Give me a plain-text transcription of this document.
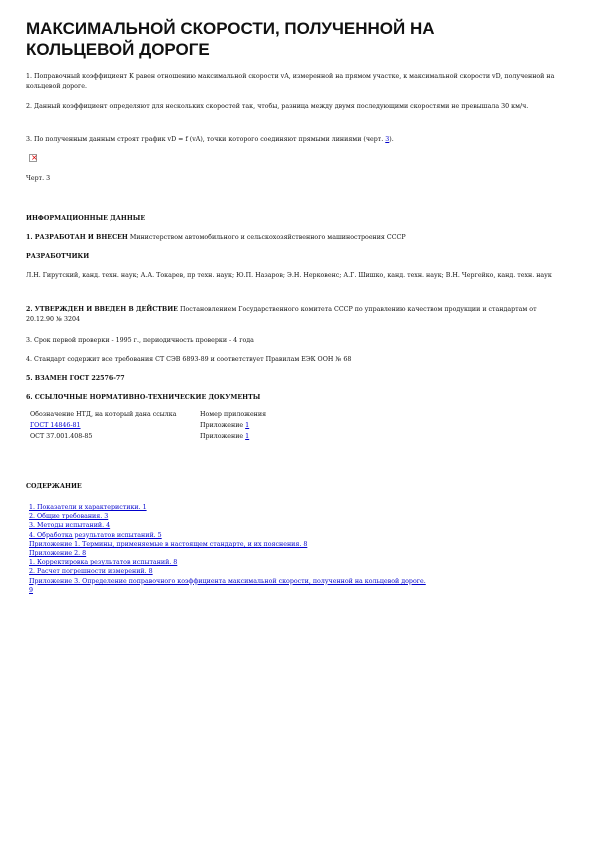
МАКСИМАЛЬНОЙ СКОРОСТИ, ПОЛУЧЕННОЙ НА КОЛЬЦЕВОЙ ДОРОГЕ

1. Поправочный коэффициент K равен отношению максимальной скорости vA, измеренной на прямом участке, к максимальной скорости vD, полученной на кольцевой дороге.

2. Данный коэффициент определяют для нескольких скоростей так, чтобы, разница между двумя последующими скоростями не превышала 30 км/ч.

3. По полученным данным строят график vD = f (vA), точки которого соединяют прямыми линиями (черт. 3).

×

Черт. 3

ИНФОРМАЦИОННЫЕ ДАННЫЕ

1. РАЗРАБОТАН И ВНЕСЕН Министерством автомобильного и сельскохозяйственного машиностроения СССР

РАЗРАБОТЧИКИ

Л.Н. Гирутский, канд. техн. наук; А.А. Токарев, пр техн. наук; Ю.П. Назаров; Э.Н. Нерковенс; А.Г. Шишко, канд. техн. наук; В.Н. Чергейко, канд. техн. наук

2. УТВЕРЖДЕН И ВВЕДЕН В ДЕЙСТВИЕ Постановлением Государственного комитета СССР по управлению качеством продукции и стандартам от 20.12.90 № 3204

3. Срок первой проверки - 1995 г., периодичность проверки - 4 года

4. Стандарт содержит все требования СТ СЭВ 6893-89 и соответствует Правилам ЕЭК ООН № 68

5. ВЗАМЕН ГОСТ 22576-77

6. ССЫЛОЧНЫЕ НОРМАТИВНО-ТЕХНИЧЕСКИЕ ДОКУМЕНТЫ

Обозначение НТД, на который дана ссылка	Номер приложения
ГОСТ 14846-81	Приложение 1
ОСТ 37.001.408-85	Приложение 1

СОДЕРЖАНИЕ

1. Показатели и характеристики. 1
2. Общие требования. 3
3. Методы испытаний. 4
4. Обработка результатов испытаний. 5
Приложение 1. Термины, применяемые в настоящем стандарте, и их пояснения. 8
Приложение 2. 8
1. Корректировка результатов испытаний. 8
2. Расчет погрешности измерений. 8
Приложение 3. Определение поправочного коэффициента максимальной скорости, полученной на кольцевой дороге.
9
